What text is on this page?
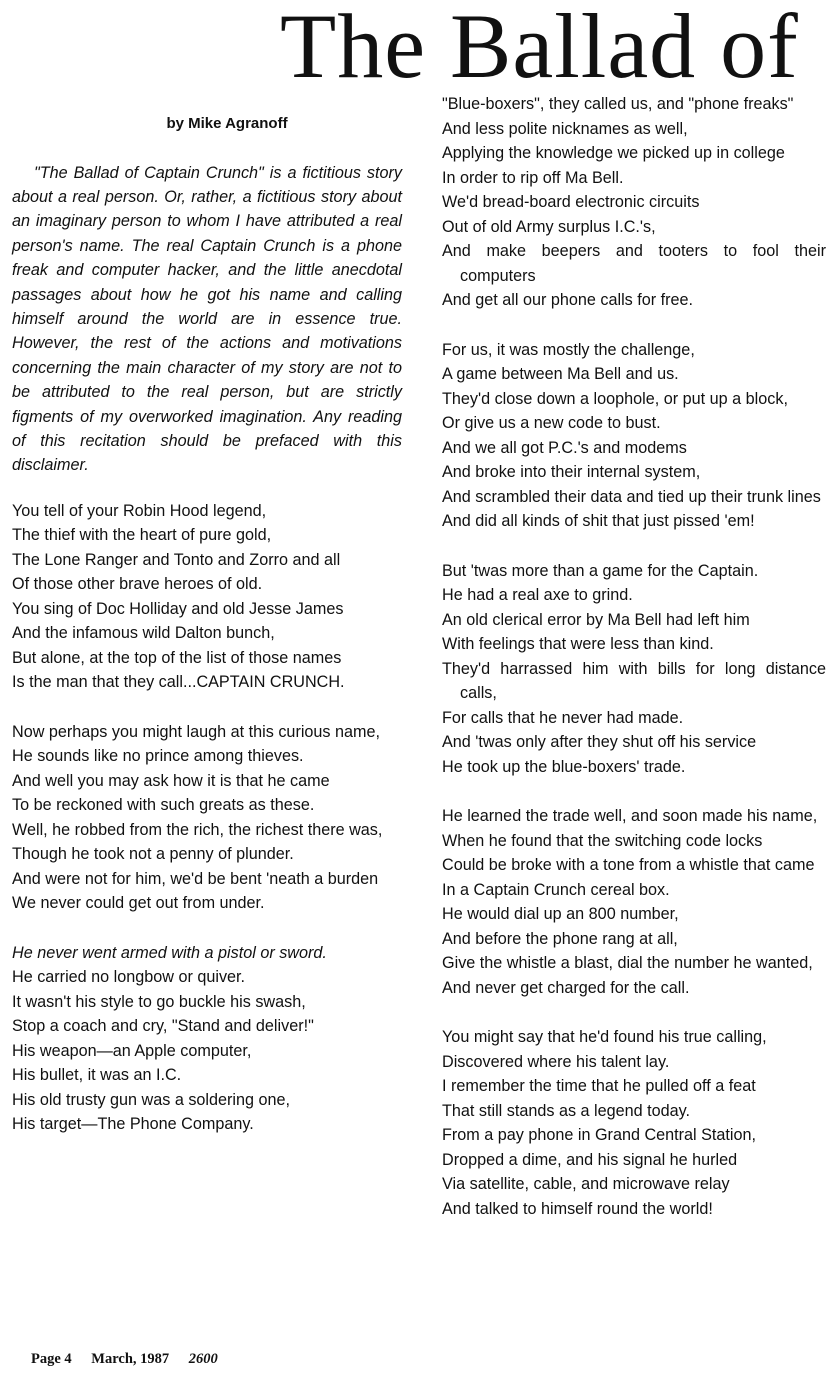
The Ballad of
by Mike Agranoff

"The Ballad of Captain Crunch" is a fictitious story about a real person. Or, rather, a fictitious story about an imaginary person to whom I have attributed a real person's name. The real Captain Crunch is a phone freak and computer hacker, and the little anecdotal passages about how he got his name and calling himself around the world are in essence true. However, the rest of the actions and motivations concerning the main character of my story are not to be attributed to the real person, but are strictly figments of my overworked imagination. Any reading of this recitation should be prefaced with this disclaimer.

You tell of your Robin Hood legend,
The thief with the heart of pure gold,
The Lone Ranger and Tonto and Zorro and all
Of those other brave heroes of old.
You sing of Doc Holliday and old Jesse James
And the infamous wild Dalton bunch,
But alone, at the top of the list of those names
Is the man that they call...CAPTAIN CRUNCH.
Now perhaps you might laugh at this curious name,
He sounds like no prince among thieves.
And well you may ask how it is that he came
To be reckoned with such greats as these.
Well, he robbed from the rich, the richest there was,
Though he took not a penny of plunder.
And were not for him, we'd be bent 'neath a burden
We never could get out from under.
He never went armed with a pistol or sword.
He carried no longbow or quiver.
It wasn't his style to go buckle his swash,
Stop a coach and cry, "Stand and deliver!"
His weapon—an Apple computer,
His bullet, it was an I.C.
His old trusty gun was a soldering one,
His target—The Phone Company.
"Blue-boxers", they called us, and "phone freaks"
And less polite nicknames as well,
Applying the knowledge we picked up in college
In order to rip off Ma Bell.
We'd bread-board electronic circuits
Out of old Army surplus I.C.'s,
And make beepers and tooters to fool their computers
And get all our phone calls for free.
For us, it was mostly the challenge,
A game between Ma Bell and us.
They'd close down a loophole, or put up a block,
Or give us a new code to bust.
And we all got P.C.'s and modems
And broke into their internal system,
And scrambled their data and tied up their trunk lines
And did all kinds of shit that just pissed 'em!
But 'twas more than a game for the Captain.
He had a real axe to grind.
An old clerical error by Ma Bell had left him
With feelings that were less than kind.
They'd harrassed him with bills for long distance calls,
For calls that he never had made.
And 'twas only after they shut off his service
He took up the blue-boxers' trade.
He learned the trade well, and soon made his name,
When he found that the switching code locks
Could be broke with a tone from a whistle that came
In a Captain Crunch cereal box.
He would dial up an 800 number,
And before the phone rang at all,
Give the whistle a blast, dial the number he wanted,
And never get charged for the call.
You might say that he'd found his true calling,
Discovered where his talent lay.
I remember the time that he pulled off a feat
That still stands as a legend today.
From a pay phone in Grand Central Station,
Dropped a dime, and his signal he hurled
Via satellite, cable, and microwave relay
And talked to himself round the world!
Page 4 March, 1987 2600
